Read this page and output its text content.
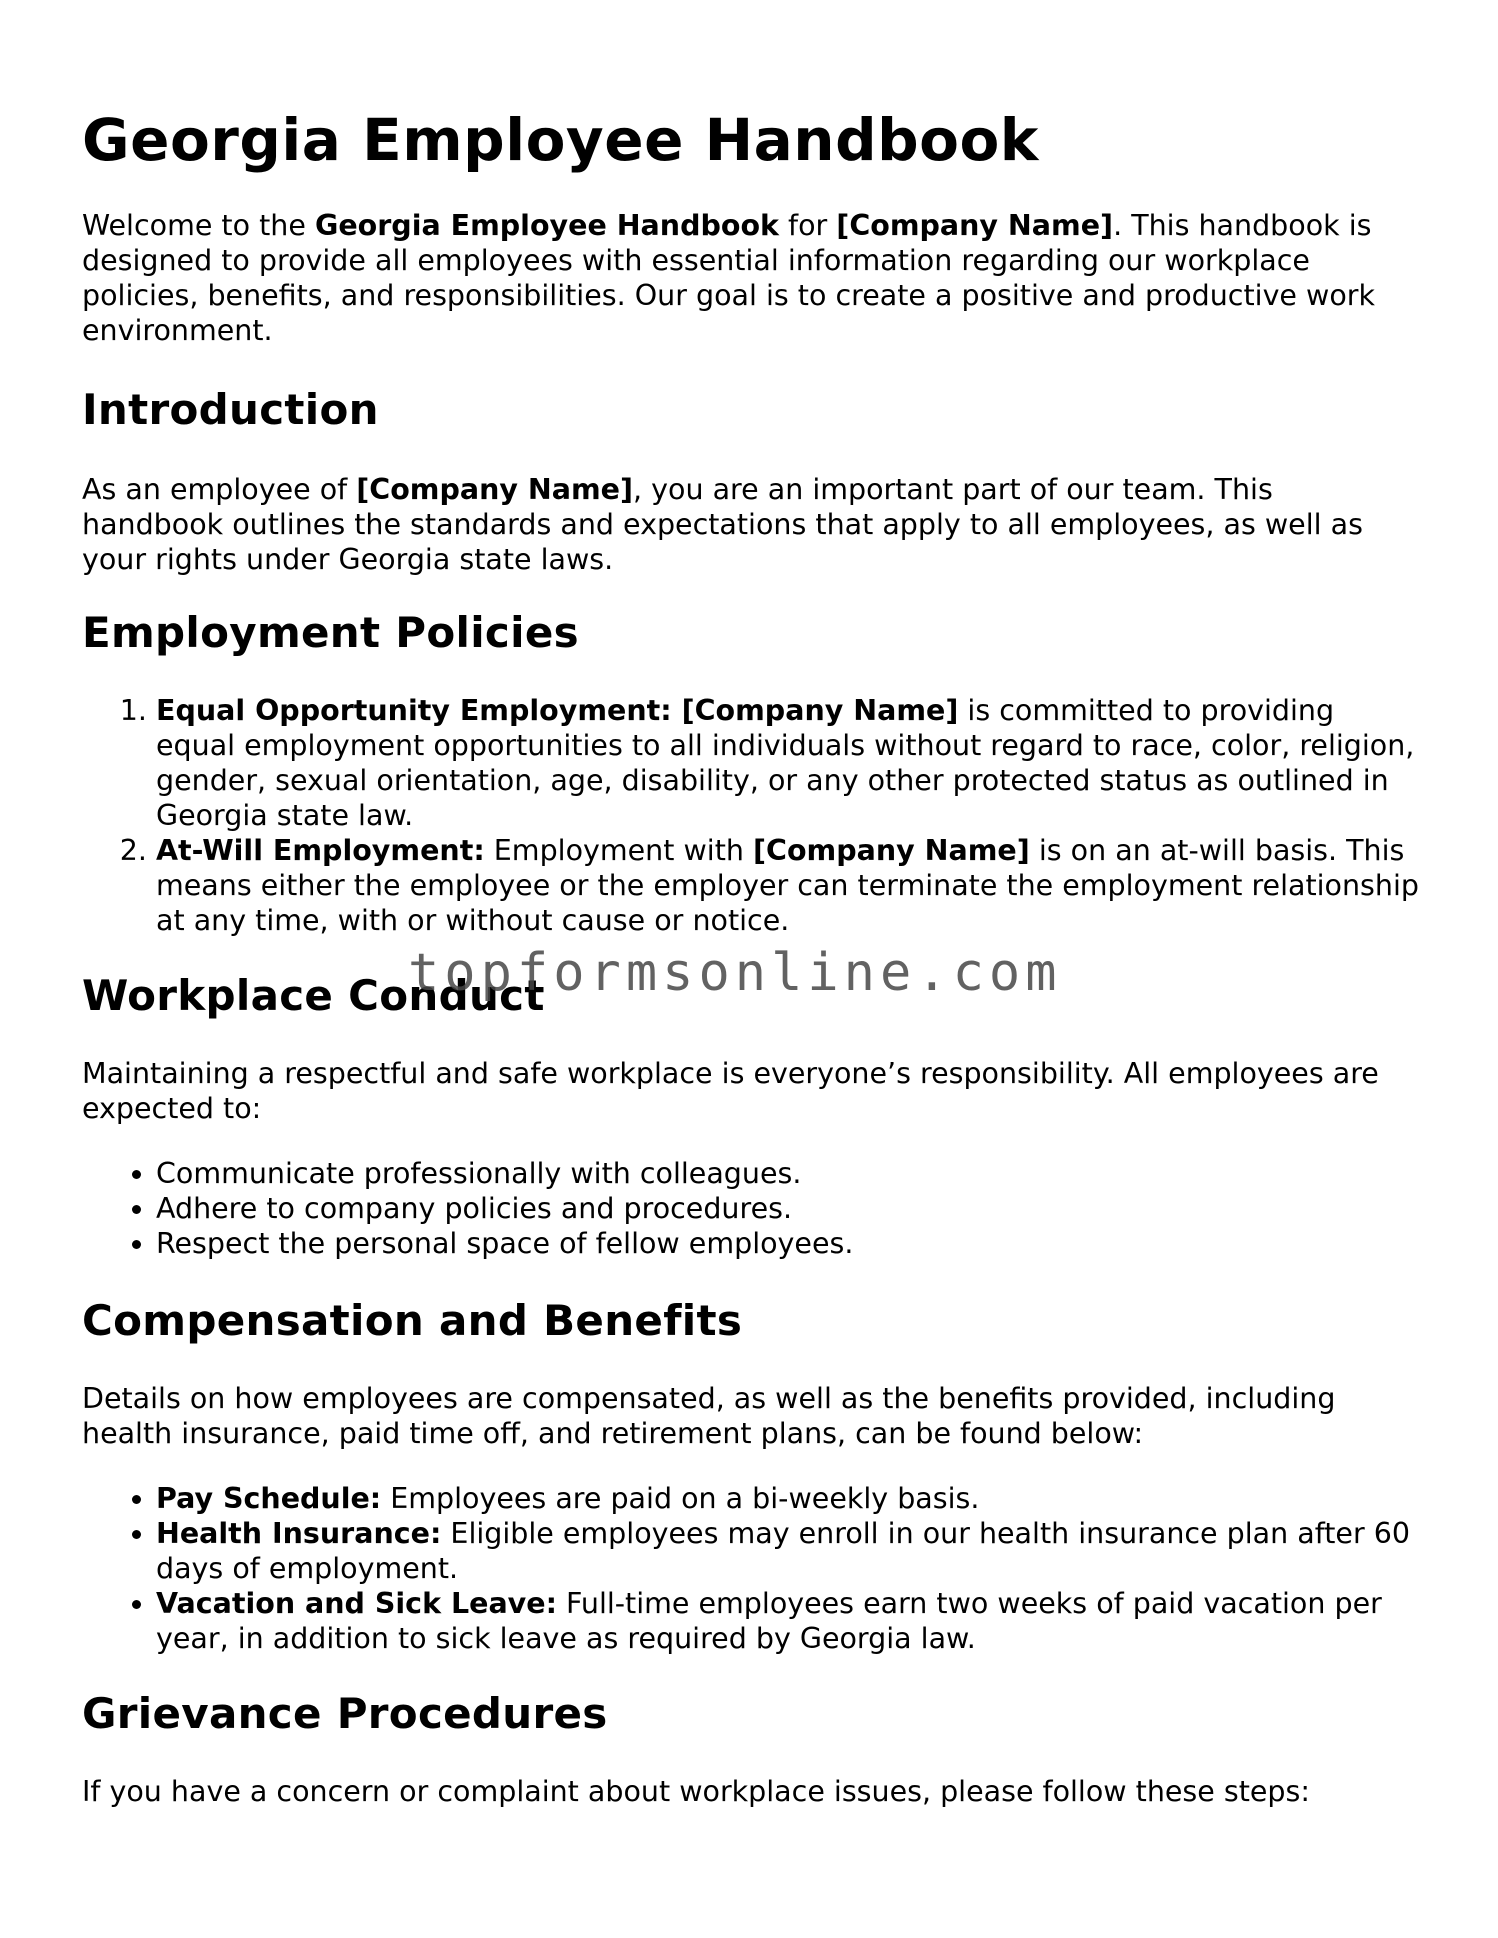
Georgia Employee Handbook

Welcome to the Georgia Employee Handbook for [Company Name]. This handbook is designed to provide all employees with essential information regarding our workplace policies, benefits, and responsibilities. Our goal is to create a positive and productive work environment.

Introduction

As an employee of [Company Name], you are an important part of our team. This handbook outlines the standards and expectations that apply to all employees, as well as your rights under Georgia state laws.

Employment Policies
1. Equal Opportunity Employment: [Company Name] is committed to providing equal employment opportunities to all individuals without regard to race, color, religion, gender, sexual orientation, age, disability, or any other protected status as outlined in Georgia state law.
2. At-Will Employment: Employment with [Company Name] is on an at-will basis. This means either the employee or the employer can terminate the employment relationship at any time, with or without cause or notice.
Workplace Conduct

Maintaining a respectful and safe workplace is everyone’s responsibility. All employees are expected to:

• Communicate professionally with colleagues.
• Adhere to company policies and procedures.
• Respect the personal space of fellow employees.
Compensation and Benefits

Details on how employees are compensated, as well as the benefits provided, including health insurance, paid time off, and retirement plans, can be found below:

• Pay Schedule: Employees are paid on a bi-weekly basis.
• Health Insurance: Eligible employees may enroll in our health insurance plan after 60 days of employment.
• Vacation and Sick Leave: Full-time employees earn two weeks of paid vacation per year, in addition to sick leave as required by Georgia law.
Grievance Procedures

If you have a concern or complaint about workplace issues, please follow these steps:

topformsonline.com
